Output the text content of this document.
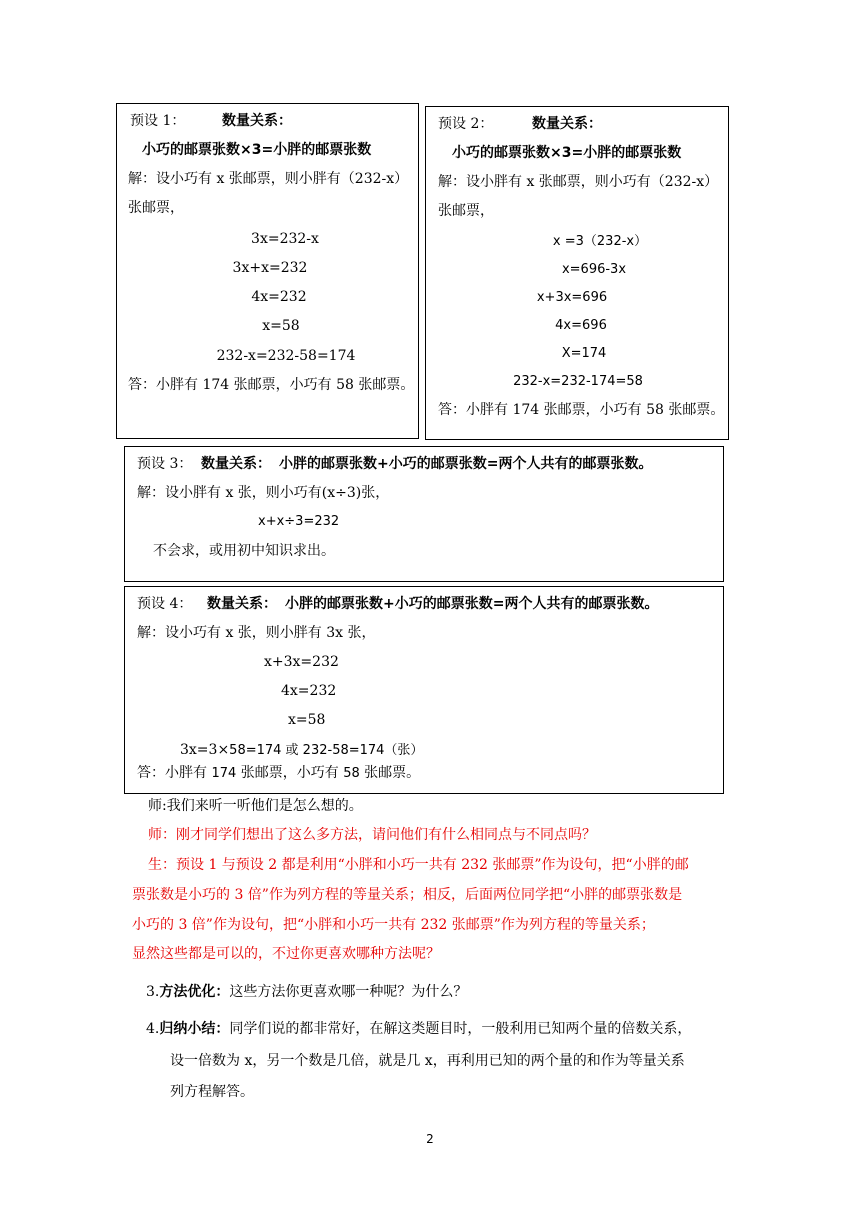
预设 1：	数量关系：
小巧的邮票张数×3=小胖的邮票张数
解：设小巧有 x 张邮票，则小胖有（232-x）
张邮票，
3x=232-x
3x+x=232
4x=232
x=58
232-x=232-58=174
答：小胖有 174 张邮票，小巧有 58 张邮票。
预设 2：	数量关系：
小巧的邮票张数×3=小胖的邮票张数
解：设小胖有 x 张邮票，则小巧有（232-x）
张邮票，
x =3（232-x）
x=696-3x
x+3x=696
4x=696
X=174
232-x=232-174=58
答：小胖有 174 张邮票，小巧有 58 张邮票。
预设 3： 数量关系： 小胖的邮票张数+小巧的邮票张数=两个人共有的邮票张数。
解：设小胖有 x 张，则小巧有(x÷3)张，
x+x÷3=232
不会求，或用初中知识求出。
预设 4： 数量关系： 小胖的邮票张数+小巧的邮票张数=两个人共有的邮票张数。
解：设小巧有 x 张，则小胖有 3x 张，
x+3x=232
4x=232
x=58
3x=3×58=174 或 232-58=174（张）
答：小胖有 174 张邮票，小巧有 58 张邮票。
师:我们来听一听他们是怎么想的。
师：刚才同学们想出了这么多方法，请问他们有什么相同点与不同点吗？
生：预设 1 与预设 2 都是利用“小胖和小巧一共有 232 张邮票”作为设句，把“小胖的邮
票张数是小巧的 3 倍”作为列方程的等量关系；相反，后面两位同学把“小胖的邮票张数是
小巧的 3 倍”作为设句，把“小胖和小巧一共有 232 张邮票”作为列方程的等量关系；
显然这些都是可以的，不过你更喜欢哪种方法呢？
3.方法优化：这些方法你更喜欢哪一种呢？为什么？
4.归纳小结：同学们说的都非常好，在解这类题目时，一般利用已知两个量的倍数关系，
设一倍数为 x，另一个数是几倍，就是几 x，再利用已知的两个量的和作为等量关系
列方程解答。
2
